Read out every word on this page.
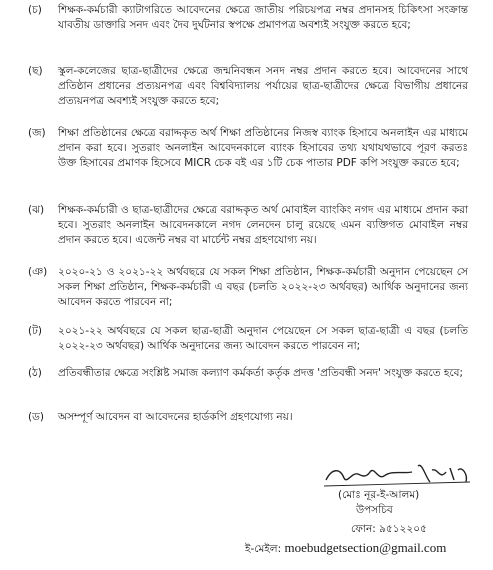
(চ) শিক্ষক-কর্মচারী ক্যাটাগরিতে আবেদনের ক্ষেত্রে জাতীয় পরিচয়পত্র নম্বর প্রদানসহ চিকিৎসা সংক্রান্ত যাবতীয় ডাক্তারি সনদ এবং দৈব দুর্ঘটনার স্বপক্ষে প্রমাণপত্র অবশ্যই সংযুক্ত করতে হবে;
(ছ) স্কুল-কলেজের ছাত্র-ছাত্রীদের ক্ষেত্রে জন্মনিবন্ধন সনদ নম্বর প্রদান করতে হবে। আবেদনের সাথে প্রতিষ্ঠান প্রধানের প্রত্যয়নপত্র এবং বিশ্ববিদ্যালয় পর্যায়ের ছাত্র-ছাত্রীদের ক্ষেত্রে বিভাগীয় প্রধানের প্রত্যয়নপত্র অবশ্যই সংযুক্ত করতে হবে;
(জ) শিক্ষা প্রতিষ্ঠানের ক্ষেত্রে বরাদ্দকৃত অর্থ শিক্ষা প্রতিষ্ঠানের নিজস্ব ব্যাংক হিসাবে অনলাইন এর মাধ্যমে প্রদান করা হবে। সুতরাং অনলাইন আবেদনকালে ব্যাংক হিসাবের তথ্য যথাযথভাবে পূরণ করতঃ উক্ত হিসাবের প্রমাণক হিসেবে MICR চেক বই এর ১টি চেক পাতার PDF কপি সংযুক্ত করতে হবে;
(ঝ) শিক্ষক-কর্মচারী ও ছাত্র-ছাত্রীদের ক্ষেত্রে বরাদ্দকৃত অর্থ মোবাইল ব্যাংকিং নগদ এর মাধ্যমে প্রদান করা হবে। সুতরাং অনলাইন আবেদনকালে নগদ লেনদেন চালু রয়েছে এমন ব্যক্তিগত মোবাইল নম্বর প্রদান করতে হবে। এজেন্ট নম্বর বা মার্চেন্ট নম্বর গ্রহণযোগ্য নয়।
(ঞ) ২০২০-২১ ও ২০২১-২২ অর্থবছরে যে সকল শিক্ষা প্রতিষ্ঠান, শিক্ষক-কর্মচারী অনুদান পেয়েছেন সে সকল শিক্ষা প্রতিষ্ঠান, শিক্ষক-কর্মচারী এ বছর (চলতি ২০২২-২৩ অর্থবছর) আর্থিক অনুদানের জন্য আবেদন করতে পারবেন না;
(ট) ২০২১-২২ অর্থবছরে যে সকল ছাত্র-ছাত্রী অনুদান পেয়েছেন সে সকল ছাত্র-ছাত্রী এ বছর (চলতি ২০২২-২৩ অর্থবছর) আর্থিক অনুদানের জন্য আবেদন করতে পারবেন না;
(ঠ) প্রতিবন্ধীতার ক্ষেত্রে সংশ্লিষ্ট সমাজ কল্যাণ কর্মকর্তা কর্তৃক প্রদত্ত 'প্রতিবন্ধী সনদ' সংযুক্ত করতে হবে;
(ড) অসম্পূর্ণ আবেদন বা আবেদনের হার্ডকপি গ্রহণযোগ্য নয়।
(মোঃ নূর-ই-আলম)
উপসচিব
ফোন: ৯৫১২২০৫
ই-মেইল: moebudgetsection@gmail.com
